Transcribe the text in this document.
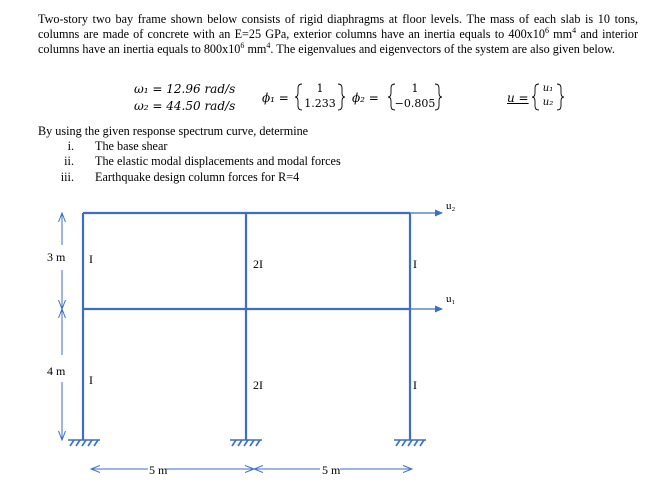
Two-story two bay frame shown below consists of rigid diaphragms at floor levels. The mass of each slab is 10 tons, columns are made of concrete with an E=25 GPa, exterior columns have an inertia equals to $400x10^6$ $mm^4$ and interior columns have an inertia equals to $800x10^6$ $mm^4$. The eigenvalues and eigenvectors of the system are also given below.
ω₁ = 12.96 rad/s
ω₂ = 44.50 rad/s
ϕ₁ =
1
1.233	ϕ₂ =
1
−0.805	u =
u₁
u₂
By using the given response spectrum curve, determine
i. The base shear
ii. The elastic modal displacements and modal forces
iii. Earthquake design column forces for R=4
u₂
u₁
3 m
4 m
5 m	5 m
I	2I	I
I	2I	I
